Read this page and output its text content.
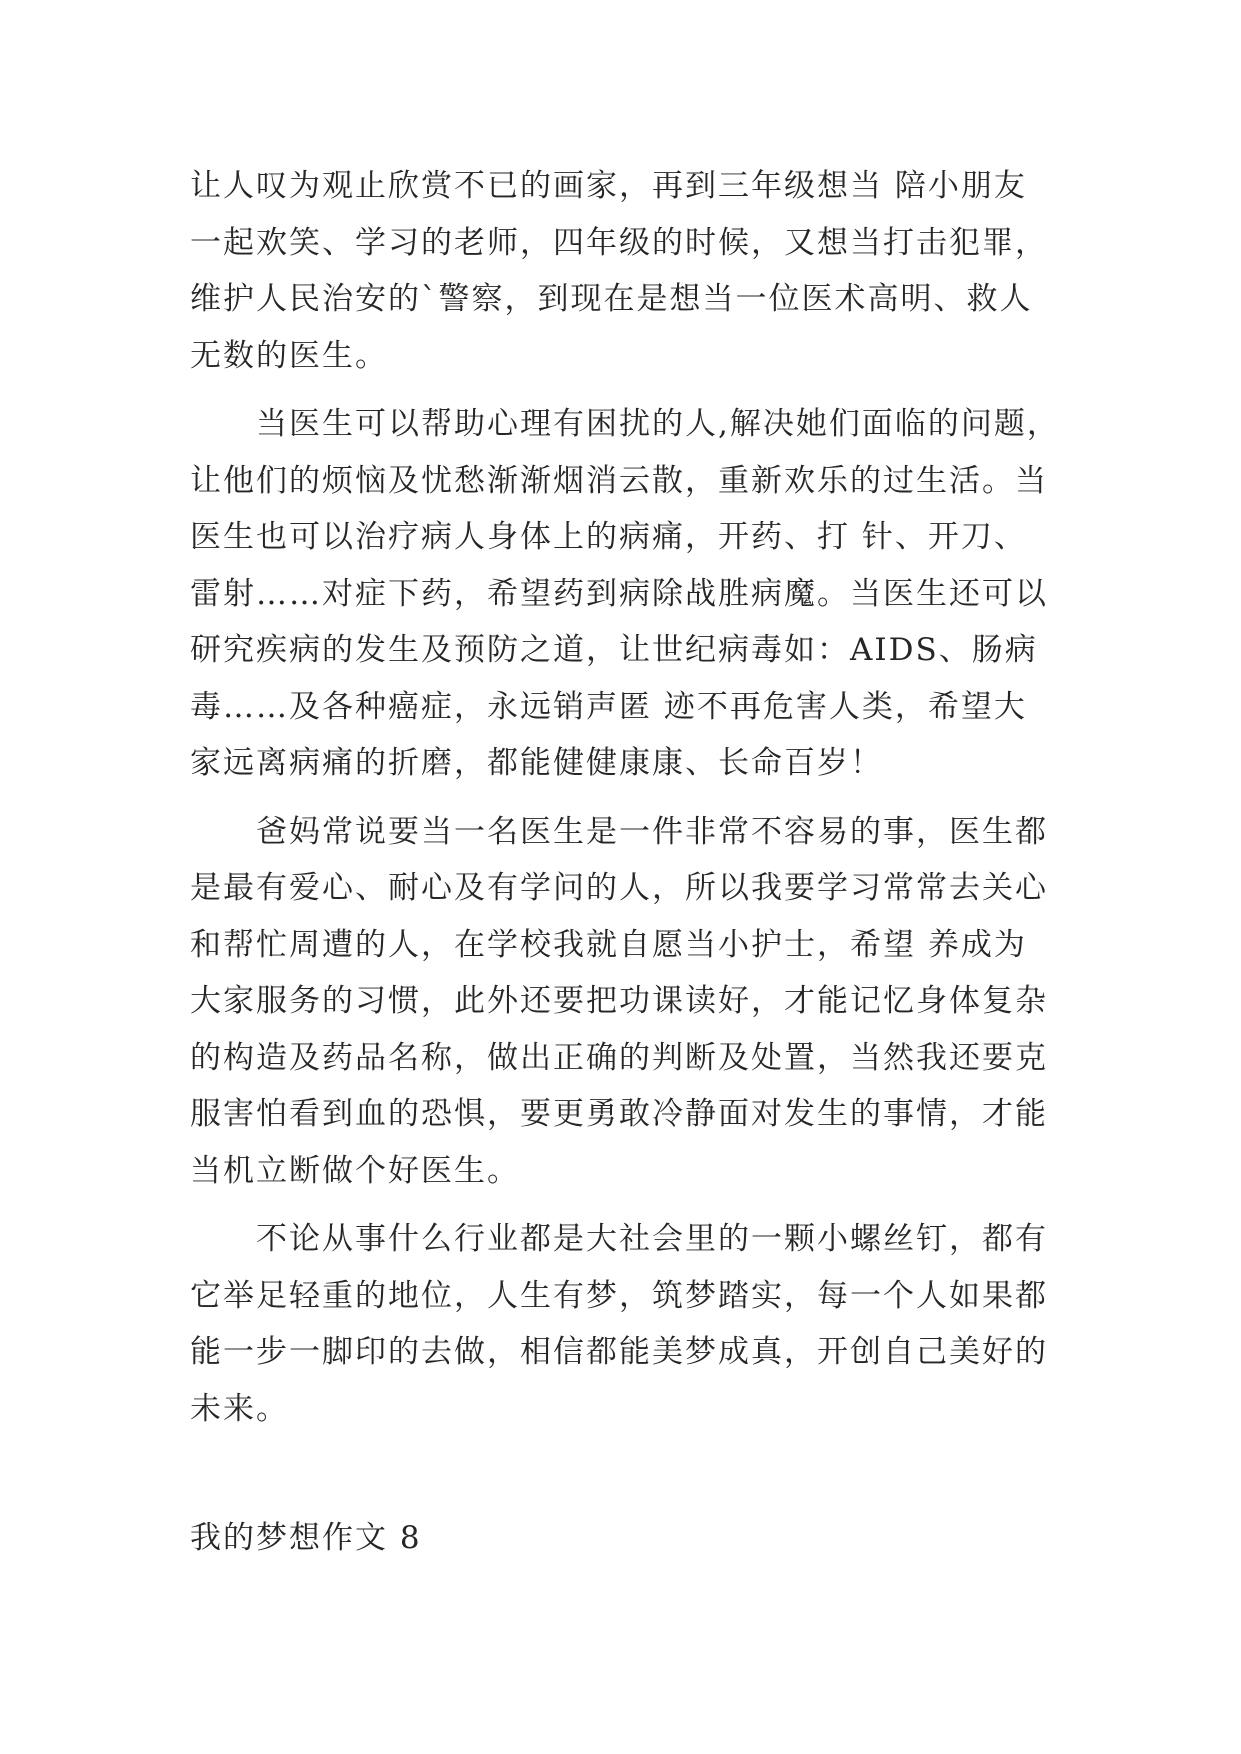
让人叹为观止欣赏不已的画家，再到三年级想当 陪小朋友
一起欢笑、学习的老师，四年级的时候，又想当打击犯罪，
维护人民治安的`警察，到现在是想当一位医术高明、救人
无数的医生。
当医生可以帮助心理有困扰的人,解决她们面临的问题，
让他们的烦恼及忧愁渐渐烟消云散，重新欢乐的过生活。当
医生也可以治疗病人身体上的病痛，开药、打 针、开刀、
雷射……对症下药，希望药到病除战胜病魔。当医生还可以
研究疾病的发生及预防之道，让世纪病毒如：AIDS、肠病
毒……及各种癌症，永远销声匿 迹不再危害人类，希望大
家远离病痛的折磨，都能健健康康、长命百岁！
爸妈常说要当一名医生是一件非常不容易的事，医生都
是最有爱心、耐心及有学问的人，所以我要学习常常去关心
和帮忙周遭的人，在学校我就自愿当小护士，希望 养成为
大家服务的习惯，此外还要把功课读好，才能记忆身体复杂
的构造及药品名称，做出正确的判断及处置，当然我还要克
服害怕看到血的恐惧，要更勇敢冷静面对发生的事情，才能
当机立断做个好医生。
不论从事什么行业都是大社会里的一颗小螺丝钉，都有
它举足轻重的地位，人生有梦，筑梦踏实，每一个人如果都
能一步一脚印的去做，相信都能美梦成真，开创自己美好的
未来。
我的梦想作文 8
